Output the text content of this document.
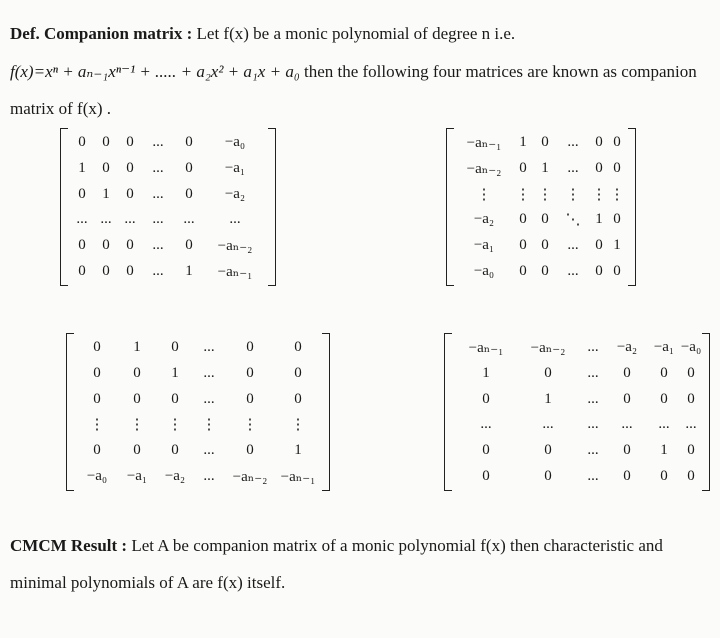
Def. Companion matrix : Let f(x) be a monic polynomial of degree n i.e.
f(x)=xⁿ + aₙ₋₁xⁿ⁻¹ + ..... + a₂x² + a₁x + a₀ then the following four matrices are known as companion
matrix of f(x) .
0	0	0	...	0	−a₀
1	0	0	...	0	−a₁
0	1	0	...	0	−a₂
... ... ...	...	...	...
0	0	0	...	0	−aₙ₋₂
0	0	0	...	1	−aₙ₋₁
−aₙ₋₁	1 0	...	0 0
−aₙ₋₂	0 1	...	0 0
⋮	⋮ ⋮ ⋮ ⋮ ⋮
−a₂	0 0	⋱ 1 0
−a₁	0 0	...	0 1
−a₀	0 0	...	0 0
0	1	0	...	0	0
0	0	1	...	0	0
0	0	0	...	0	0
⋮	⋮	⋮	⋮	⋮	⋮
0	0	0	...	0	1
−a₀	−a₁	−a₂	...	−aₙ₋₂ −aₙ₋₁
−aₙ₋₁	−aₙ₋₂	...	−a₂	−a₁ −a₀
1	0	...	0	0	0
0	1	...	0	0	0
...	...	...	...	...	...
0	0	...	0	1	0
0	0	...	0	0	0
CMCM Result : Let A be companion matrix of a monic polynomial f(x) then characteristic and
minimal polynomials of A are f(x) itself.
